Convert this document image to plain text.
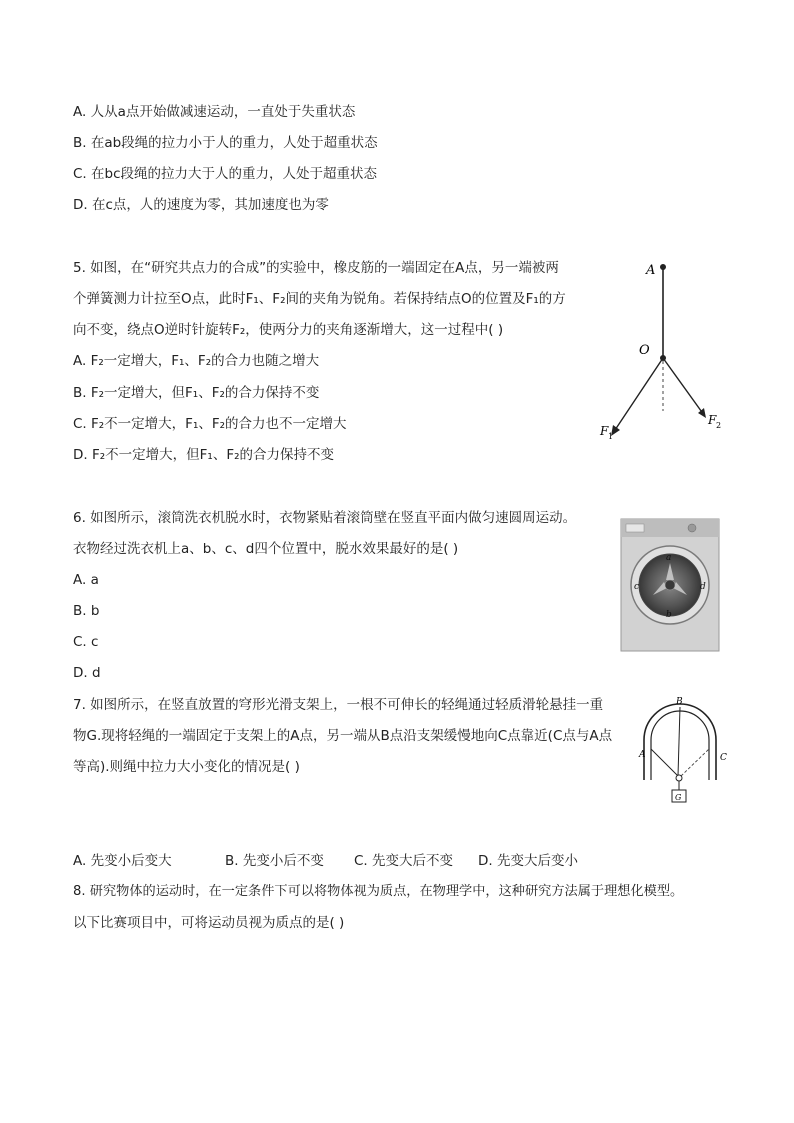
A. 人从a点开始做减速运动，一直处于失重状态
B. 在ab段绳的拉力小于人的重力，人处于超重状态
C. 在bc段绳的拉力大于人的重力，人处于超重状态
D. 在c点，人的速度为零，其加速度也为零
5. 如图，在“研究共点力的合成”的实验中，橡皮筋的一端固定在A点，另一端被两
个弹簧测力计拉至O点，此时F₁、F₂间的夹角为锐角。若保持结点O的位置及F₁的方
向不变，绕点O逆时针旋转F₂，使两分力的夹角逐渐增大，这一过程中( )
A. F₂一定增大，F₁、F₂的合力也随之增大
B. F₂一定增大，但F₁、F₂的合力保持不变
C. F₂不一定增大，F₁、F₂的合力也不一定增大
D. F₂不一定增大，但F₁、F₂的合力保持不变
A
O
F 1
F 2
6. 如图所示，滚筒洗衣机脱水时，衣物紧贴着滚筒壁在竖直平面内做匀速圆周运动。
衣物经过洗衣机上a、b、c、d四个位置中，脱水效果最好的是( )
A. a
B. b
C. c
D. d
a
b
c	d
7. 如图所示，在竖直放置的穹形光滑支架上，一根不可伸长的轻绳通过轻质滑轮悬挂一重
物G.现将轻绳的一端固定于支架上的A点，另一端从B点沿支架缓慢地向C点靠近(C点与A点
等高).则绳中拉力大小变化的情况是( )
G
B
A	C
A. 先变小后变大	B. 先变小后不变 C. 先变大后不变 D. 先变大后变小
8. 研究物体的运动时，在一定条件下可以将物体视为质点，在物理学中，这种研究方法属于理想化模型。
以下比赛项目中，可将运动员视为质点的是( )
